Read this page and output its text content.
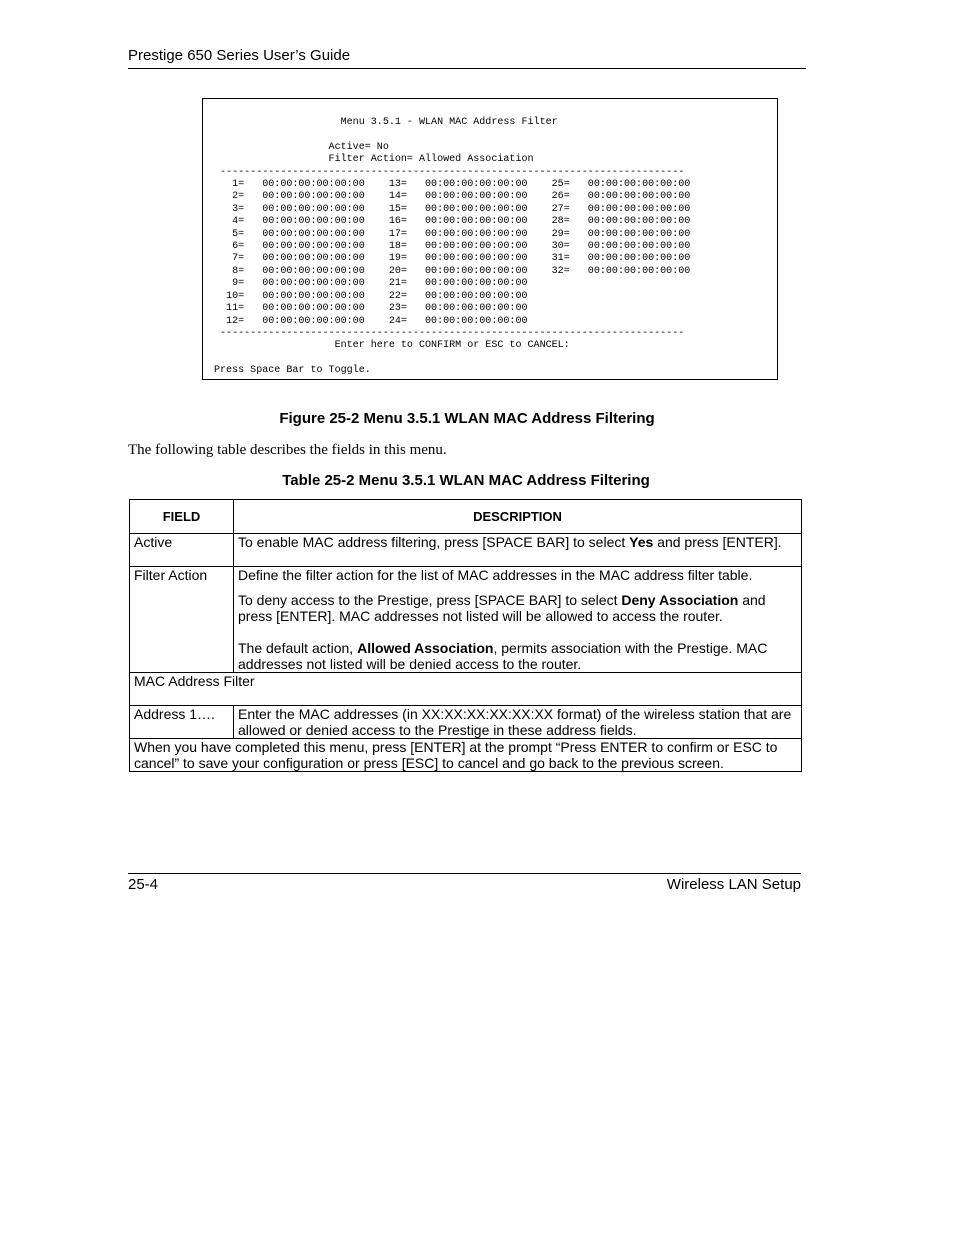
Prestige 650 Series User’s Guide
Menu 3.5.1 - WLAN MAC Address Filter

Active= No
Filter Action= Allowed Association
-----------------------------------------------------------------------------
1=   00:00:00:00:00:00    13=   00:00:00:00:00:00    25=   00:00:00:00:00:00
2=   00:00:00:00:00:00    14=   00:00:00:00:00:00    26=   00:00:00:00:00:00
3=   00:00:00:00:00:00    15=   00:00:00:00:00:00    27=   00:00:00:00:00:00
4=   00:00:00:00:00:00    16=   00:00:00:00:00:00    28=   00:00:00:00:00:00
5=   00:00:00:00:00:00    17=   00:00:00:00:00:00    29=   00:00:00:00:00:00
6=   00:00:00:00:00:00    18=   00:00:00:00:00:00    30=   00:00:00:00:00:00
7=   00:00:00:00:00:00    19=   00:00:00:00:00:00    31=   00:00:00:00:00:00
8=   00:00:00:00:00:00    20=   00:00:00:00:00:00    32=   00:00:00:00:00:00
9=   00:00:00:00:00:00    21=   00:00:00:00:00:00
10=   00:00:00:00:00:00    22=   00:00:00:00:00:00
11=   00:00:00:00:00:00    23=   00:00:00:00:00:00
12=   00:00:00:00:00:00    24=   00:00:00:00:00:00
-----------------------------------------------------------------------------
Enter here to CONFIRM or ESC to CANCEL:

Press Space Bar to Toggle.
Figure 25-2 Menu 3.5.1 WLAN MAC Address Filtering
The following table describes the fields in this menu.
Table 25-2 Menu 3.5.1 WLAN MAC Address Filtering
FIELD	DESCRIPTION
Active	To enable MAC address filtering, press [SPACE BAR] to select Yes and press [ENTER].
Filter Action	Define the filter action for the list of MAC addresses in the MAC address filter table.

To deny access to the Prestige, press [SPACE BAR] to select Deny Association and press [ENTER]. MAC addresses not listed will be allowed to access the router.

The default action, Allowed Association, permits association with the Prestige. MAC addresses not listed will be denied access to the router.

MAC Address Filter	
Address 1….	Enter the MAC addresses (in XX:XX:XX:XX:XX:XX format) of the wireless station that are allowed or denied access to the Prestige in these address fields.
When you have completed this menu, press [ENTER] at the prompt “Press ENTER to confirm or ESC to cancel” to save your configuration or press [ESC] to cancel and go back to the previous screen.	
25-4	Wireless LAN Setup
